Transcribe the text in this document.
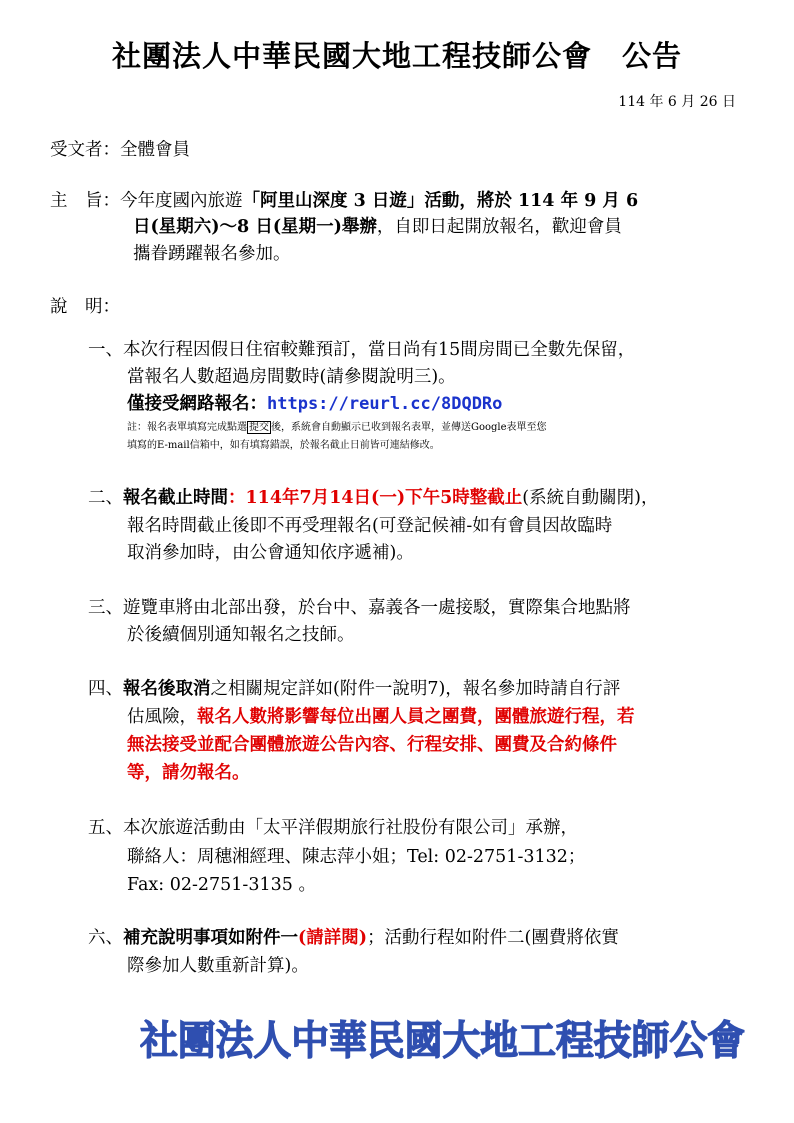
社團法人中華民國大地工程技師公會 公告
114 年 6 月 26 日
受文者：全體會員
主　旨：今年度國內旅遊「阿里山深度 3 日遊」活動，將於 114 年 9 月 6
日(星期六)～8 日(星期一)舉辦，自即日起開放報名，歡迎會員
攜眷踴躍報名參加。
說　明：
一、本次行程因假日住宿較難預訂，當日尚有15間房間已全數先保留，
當報名人數超過房間數時(請參閱說明三)。
僅接受網路報名：https://reurl.cc/8DQDRo
註：報名表單填寫完成點選 提交 後，系統會自動顯示已收到報名表單，並傳送Google表單至您
填寫的E-mail信箱中，如有填寫錯誤，於報名截止日前皆可連結修改。
二、報名截止時間：114年7月14日(一)下午5時整截止(系統自動關閉)，
報名時間截止後即不再受理報名(可登記候補-如有會員因故臨時
取消參加時，由公會通知依序遞補)。
三、遊覽車將由北部出發，於台中、嘉義各一處接駁，實際集合地點將
於後續個別通知報名之技師。
四、報名後取消之相關規定詳如(附件一說明7)，報名參加時請自行評
估風險，報名人數將影響每位出團人員之團費，團體旅遊行程，若
無法接受並配合團體旅遊公告內容、行程安排、團費及合約條件
等，請勿報名。
五、本次旅遊活動由「太平洋假期旅行社股份有限公司」承辦，
聯絡人：周穗湘經理、陳志萍小姐；Tel: 02-2751-3132；
Fax: 02-2751-3135 。
六、補充說明事項如附件一(請詳閱)；活動行程如附件二(團費將依實
際參加人數重新計算)。
社團法人中華民國大地工程技師公會
